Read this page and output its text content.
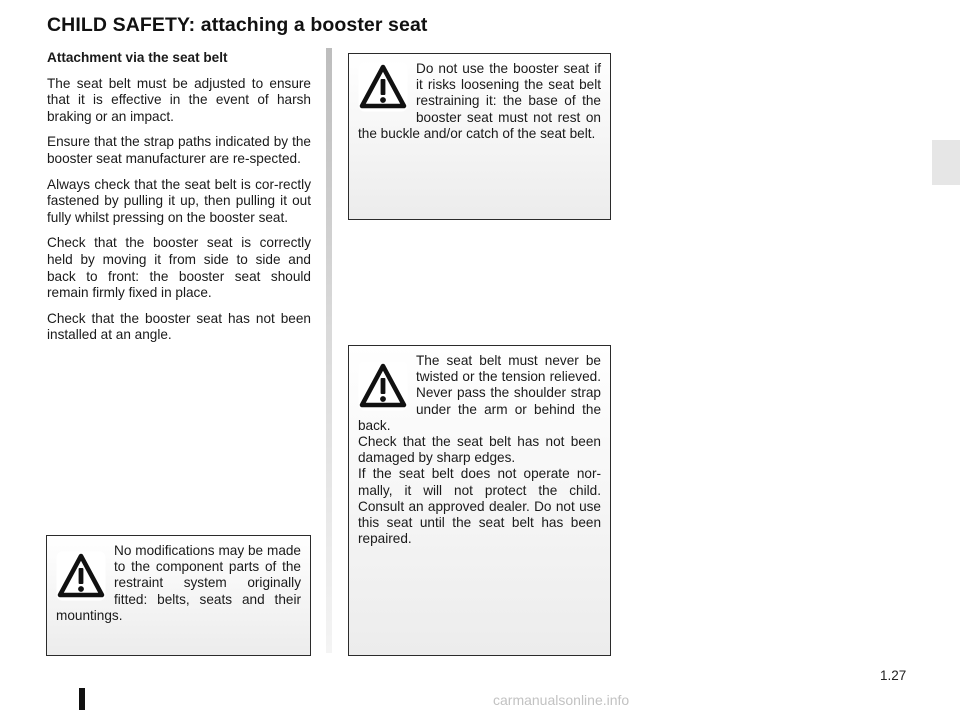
CHILD SAFETY: attaching a booster seat

Attachment via the seat belt

The seat belt must be adjusted to ensure that it is effective in the event of harsh braking or an impact.

Ensure that the strap paths indicated by the booster seat manufacturer are re-spected.

Always check that the seat belt is cor-rectly fastened by pulling it up, then pulling it out fully whilst pressing on the booster seat.

Check that the booster seat is correctly held by moving it from side to side and back to front: the booster seat should remain firmly fixed in place.

Check that the booster seat has not been installed at an angle.

Do not use the booster seat if it risks loosening the seat belt restraining it: the base of the booster seat must not rest on the buckle and/or catch of the seat belt.

The seat belt must never be twisted or the tension relieved. Never pass the shoulder strap under the arm or behind the back.

Check that the seat belt has not been damaged by sharp edges.

If the seat belt does not operate nor-mally, it will not protect the child. Consult an approved dealer. Do not use this seat until the seat belt has been repaired.

No modifications may be made to the component parts of the restraint system originally fitted: belts, seats and their mountings.

1.27
carmanualsonline.info
